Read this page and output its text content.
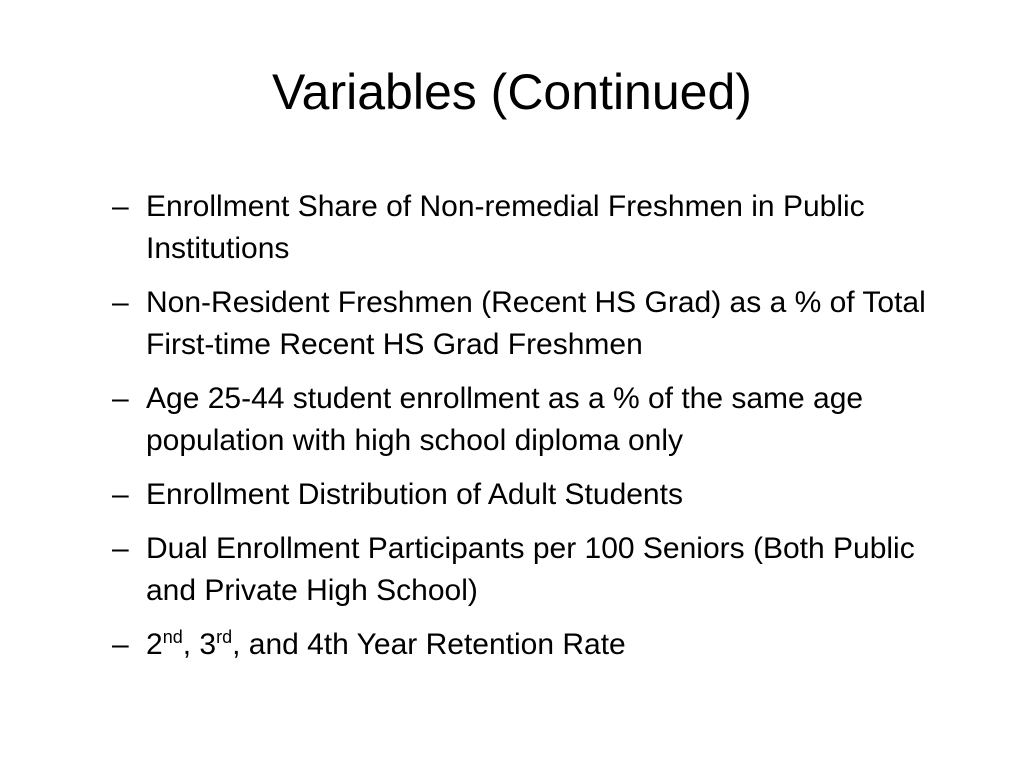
Variables (Continued)
– Enrollment Share of Non-remedial Freshmen in Public Institutions
– Non-Resident Freshmen (Recent HS Grad) as a % of Total First-time Recent HS Grad Freshmen
– Age 25-44 student enrollment as a % of the same age population with high school diploma only
– Enrollment Distribution of Adult Students
– Dual Enrollment Participants per 100 Seniors (Both Public and Private High School)
– 2nd, 3rd, and 4th Year Retention Rate
